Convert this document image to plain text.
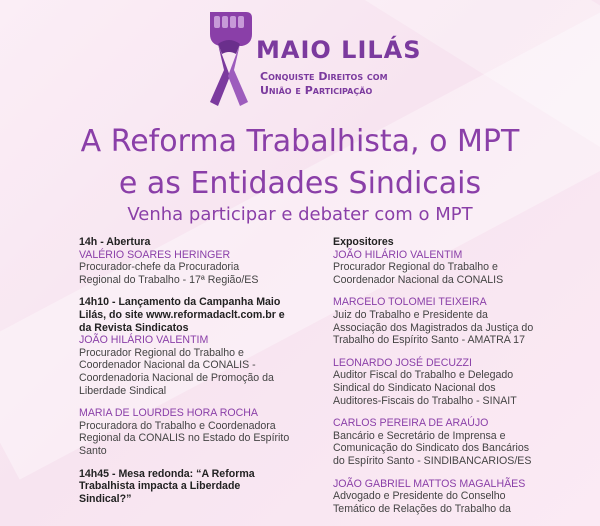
MAIO LILÁS
Conquiste Direitos com
União e Participação
A Reforma Trabalhista, o MPT
e as Entidades Sindicais
Venha participar e debater com o MPT
14h - Abertura
VALÉRIO SOARES HERINGER
Procurador-chefe da Procuradoria
Regional do Trabalho - 17ª Região/ES
14h10 - Lançamento da Campanha Maio
Lilás, do site www.reformadaclt.com.br e
da Revista Sindicatos
JOÃO HILÁRIO VALENTIM
Procurador Regional do Trabalho e
Coordenador Nacional da CONALIS -
Coordenadoria Nacional de Promoção da
Liberdade Sindical
MARIA DE LOURDES HORA ROCHA
Procuradora do Trabalho e Coordenadora
Regional da CONALIS no Estado do Espírito
Santo
14h45 - Mesa redonda: “A Reforma
Trabalhista impacta a Liberdade
Sindical?”
Expositores
JOÃO HILÁRIO VALENTIM
Procurador Regional do Trabalho e
Coordenador Nacional da CONALIS
MARCELO TOLOMEI TEIXEIRA
Juiz do Trabalho e Presidente da
Associação dos Magistrados da Justiça do
Trabalho do Espírito Santo - AMATRA 17
LEONARDO JOSÉ DECUZZI
Auditor Fiscal do Trabalho e Delegado
Sindical do Sindicato Nacional dos
Auditores-Fiscais do Trabalho - SINAIT
CARLOS PEREIRA DE ARAÚJO
Bancário e Secretário de Imprensa e
Comunicação do Sindicato dos Bancários
do Espírito Santo - SINDIBANCARIOS/ES
JOÃO GABRIEL MATTOS MAGALHÃES
Advogado e Presidente do Conselho
Temático de Relações do Trabalho da
